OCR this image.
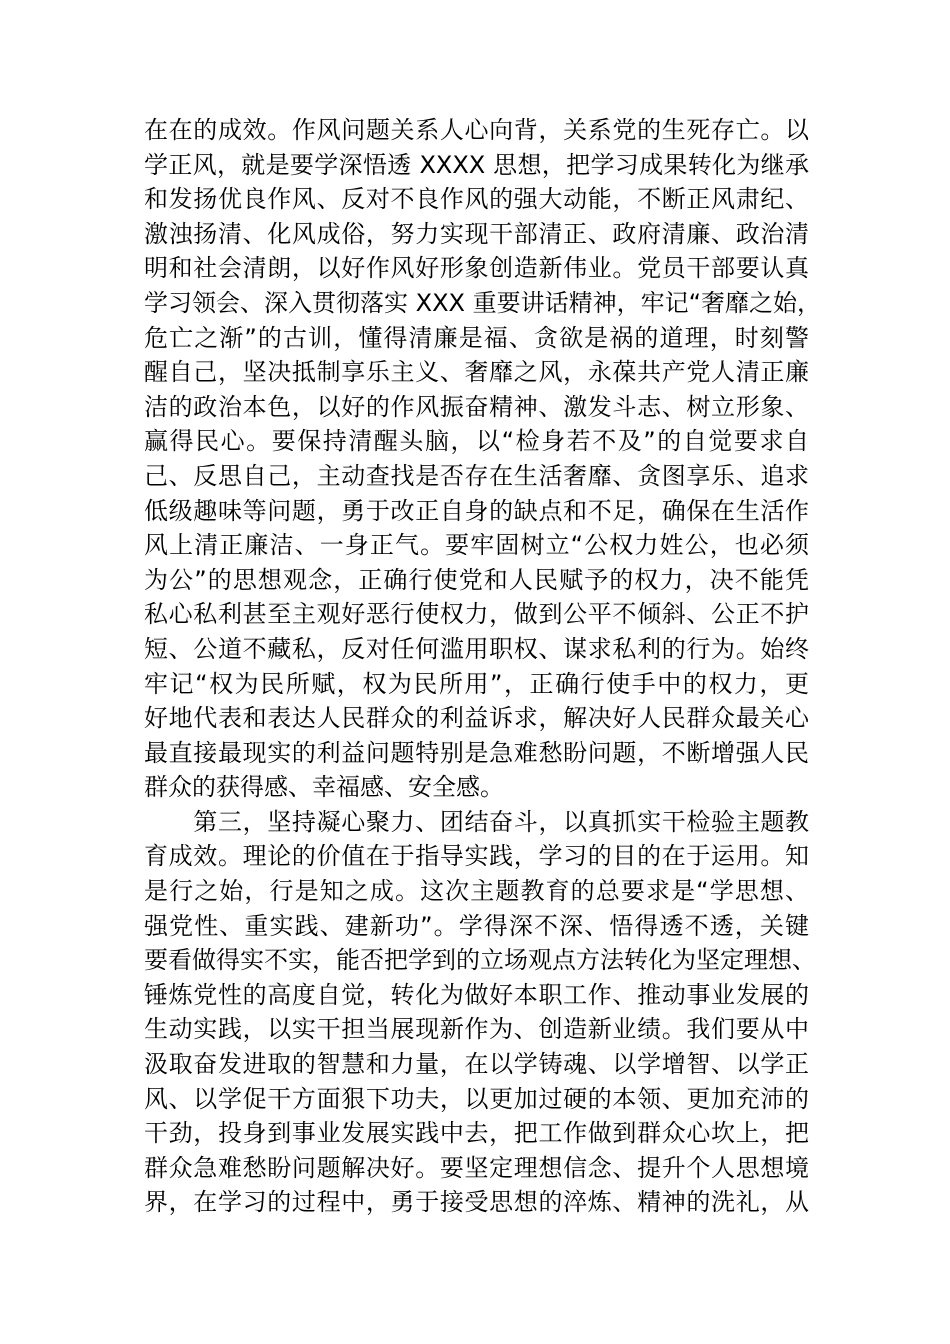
在在的成效。作风问题关系人心向背，关系党的生死存亡。以
学正风，就是要学深悟透 XXXX 思想，把学习成果转化为继承
和发扬优良作风、反对不良作风的强大动能，不断正风肃纪、
激浊扬清、化风成俗，努力实现干部清正、政府清廉、政治清
明和社会清朗，以好作风好形象创造新伟业。党员干部要认真
学习领会、深入贯彻落实 XXX 重要讲话精神，牢记“奢靡之始，
危亡之渐”的古训，懂得清廉是福、贪欲是祸的道理，时刻警
醒自己，坚决抵制享乐主义、奢靡之风，永葆共产党人清正廉
洁的政治本色，以好的作风振奋精神、激发斗志、树立形象、
赢得民心。要保持清醒头脑，以“检身若不及”的自觉要求自
己、反思自己，主动查找是否存在生活奢靡、贪图享乐、追求
低级趣味等问题，勇于改正自身的缺点和不足，确保在生活作
风上清正廉洁、一身正气。要牢固树立“公权力姓公，也必须
为公”的思想观念，正确行使党和人民赋予的权力，决不能凭
私心私利甚至主观好恶行使权力，做到公平不倾斜、公正不护
短、公道不藏私，反对任何滥用职权、谋求私利的行为。始终
牢记“权为民所赋，权为民所用”，正确行使手中的权力，更
好地代表和表达人民群众的利益诉求，解决好人民群众最关心
最直接最现实的利益问题特别是急难愁盼问题，不断增强人民
群众的获得感、幸福感、安全感。
　　第三，坚持凝心聚力、团结奋斗，以真抓实干检验主题教
育成效。理论的价值在于指导实践，学习的目的在于运用。知
是行之始，行是知之成。这次主题教育的总要求是“学思想、
强党性、重实践、建新功”。学得深不深、悟得透不透，关键
要看做得实不实，能否把学到的立场观点方法转化为坚定理想、
锤炼党性的高度自觉，转化为做好本职工作、推动事业发展的
生动实践，以实干担当展现新作为、创造新业绩。我们要从中
汲取奋发进取的智慧和力量，在以学铸魂、以学增智、以学正
风、以学促干方面狠下功夫，以更加过硬的本领、更加充沛的
干劲，投身到事业发展实践中去，把工作做到群众心坎上，把
群众急难愁盼问题解决好。要坚定理想信念、提升个人思想境
界，在学习的过程中，勇于接受思想的淬炼、精神的洗礼，从
